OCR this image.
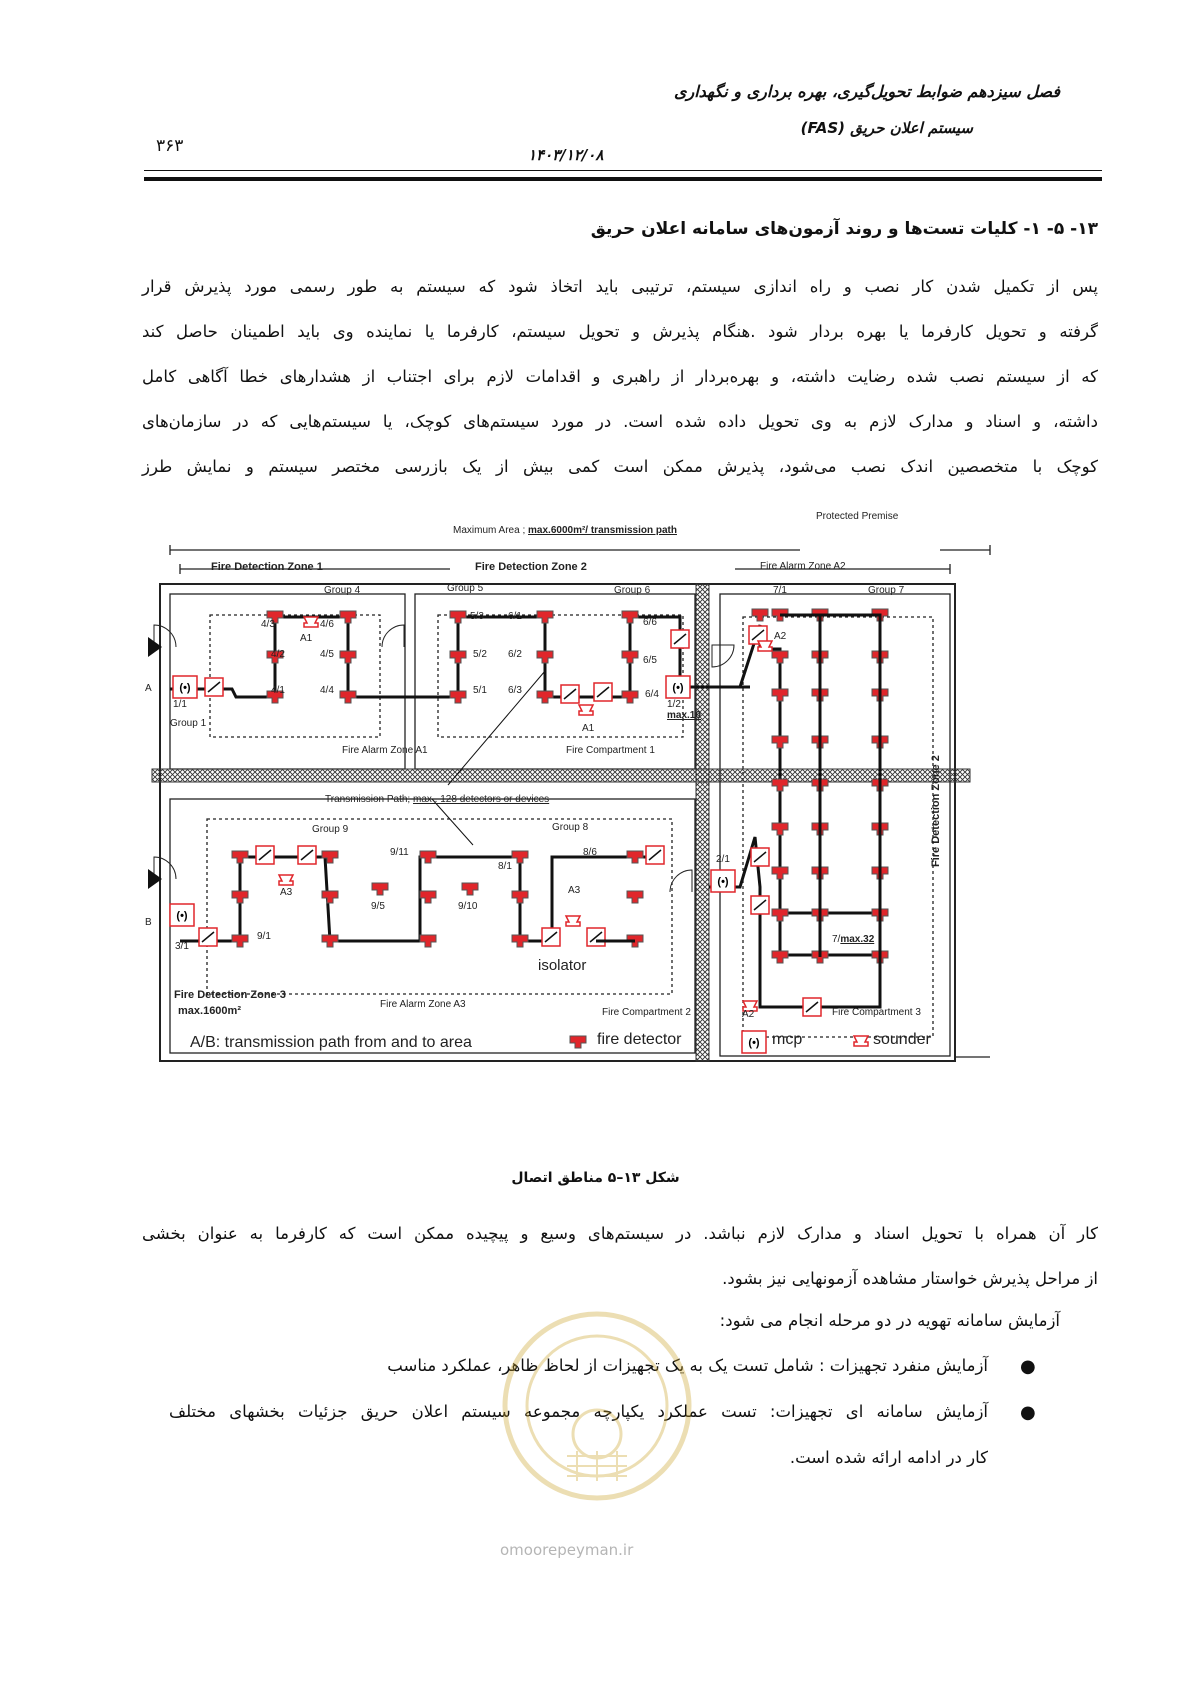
فصل سیزدهم ضوابط تحویل‌گیری، بهره برداری و نگهداری
سیستم اعلان حریق (FAS)
۳۶۳	۱۴۰۳/۱۲/۰۸
۱۳- ۵- ۱- کلیات تست‌ها و روند آزمون‌های سامانه اعلان حریق
پس از تکمیل شدن کار نصب و راه اندازی سیستم، ترتیبی باید اتخاذ شود که سیستم به طور رسمی مورد پذیرش قرار
گرفته و تحویل کارفرما یا بهره بردار شود .هنگام پذیرش و تحویل سیستم، کارفرما یا نماینده وی باید اطمینان حاصل کند
که از سیستم نصب شده رضایت داشته، و بهره‌بردار از راهبری و اقدامات لازم برای اجتناب از هشدارهای خطا آگاهی کامل
داشته، و اسناد و مدارک لازم به وی تحویل داده شده است. در مورد سیستم‌های کوچک، یا سیستم‌هایی که در سازمان‌های
کوچک با متخصصین اندک نصب می‌شود، پذیرش ممکن است کمی بیش از یک بازرسی مختصر سیستم و نمایش طرز
(•)	(•)
(•)
(•)
(•)
Protected Premise
Maximum Area ; max.6000m²/ transmission path
Fire Detection Zone 1	Fire Detection Zone 2	Fire Alarm Zone A2
Group 4	Group 5	Group 6	Group 7
4/3	4/6
4/2	4/5
4/1	4/4
A1
5/3 6/1
5/2 6/2
5/1 6/3
6/6
6/5
6/4
1/2
max.10
A1
7/1
A2
1/1
Group 1
A
Fire Alarm Zone A1	Fire Compartment 1
Transmission Path; max . 128 detectors or devices
Group 9	Group 8
9/11
8/1
8/6
9/5	9/10
9/1
3/1
A3	A3
B
isolator
2/1
7/max.32
Fire Detection Zone 2
Fire Detection Zone 3
max.1600m²
Fire Alarm Zone A3
Fire Compartment 2	Fire Compartment 3
A2
A/B: transmission path from and to area	fire detector	mcp	sounder
شکل ۱۳–۵ مناطق اتصال
کار آن همراه با تحویل اسناد و مدارک لازم نباشد. در سیستم‌های وسیع و پیچیده ممکن است که کارفرما به عنوان بخشی
از مراحل پذیرش خواستار مشاهده آزمونهایی نیز بشود.
آزمایش سامانه تهویه در دو مرحله انجام می شود:
●
آزمایش منفرد تجهیزات : شامل تست یک به یک تجهیزات از لحاظ ظاهر، عملکرد مناسب
●
آزمایش سامانه ای تجهیزات: تست عملکرد یکپارچه مجموعه سیستم اعلان حریق جزئیات بخشهای مختلف
کار در ادامه ارائه شده است.
omoorepeyman.ir
